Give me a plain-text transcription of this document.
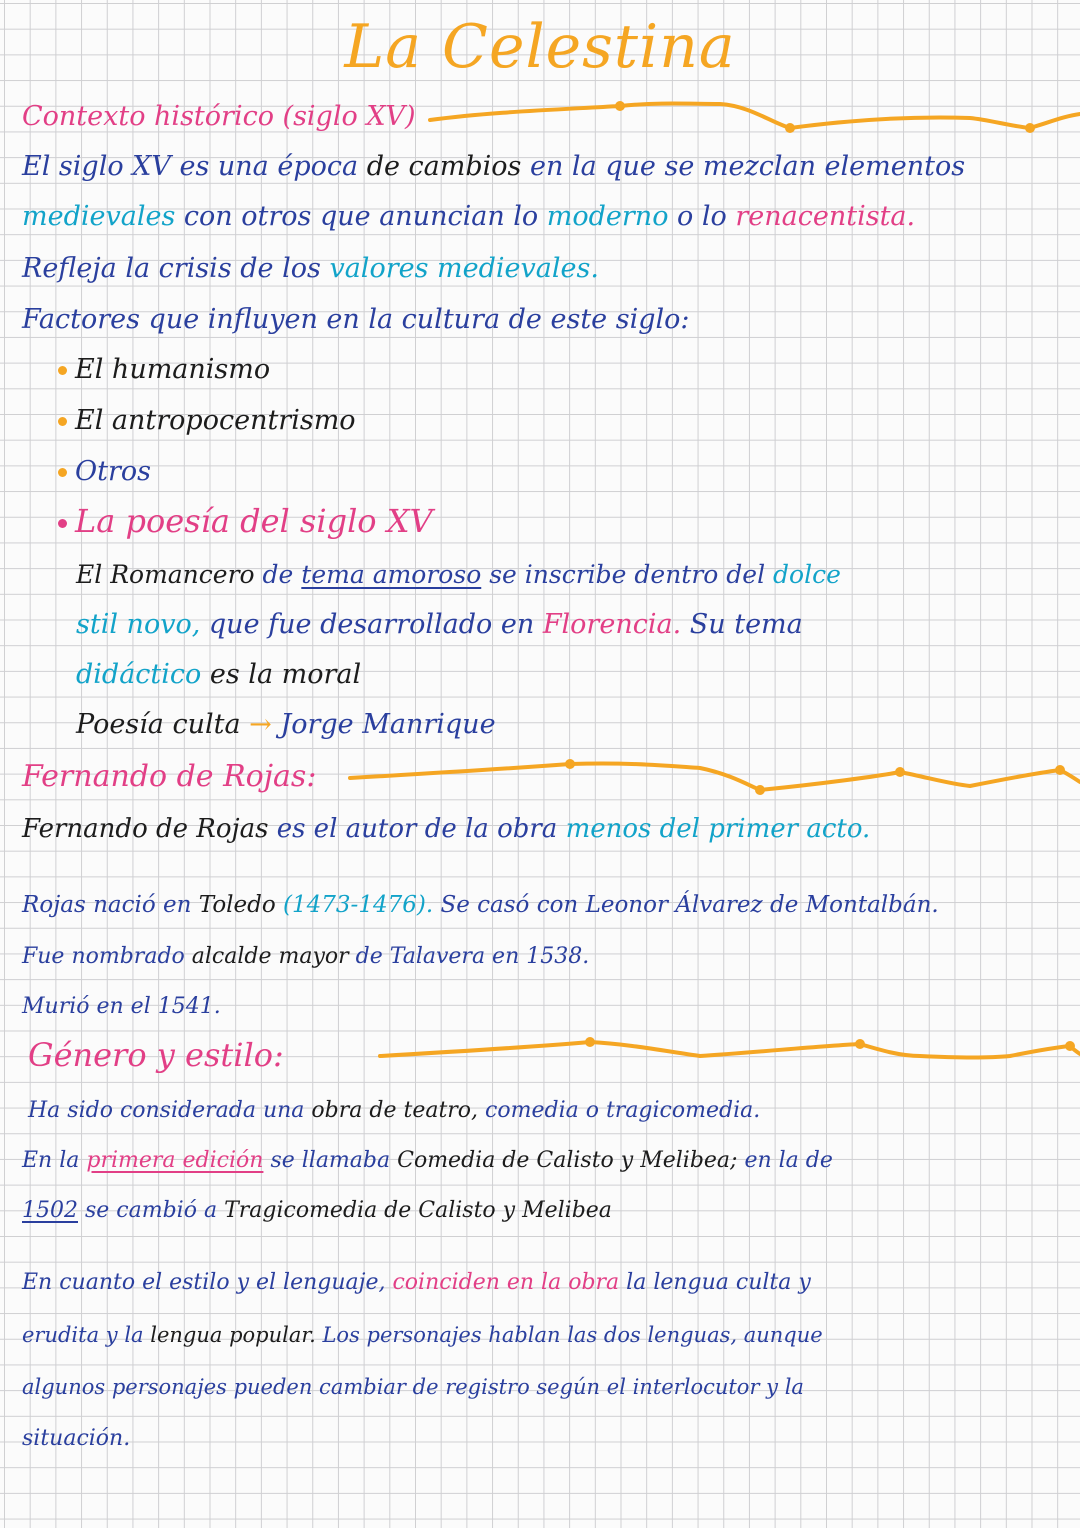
La Celestina
Contexto histórico (siglo XV)
El siglo XV es una época de cambios en la que se mezclan elementos
medievales con otros que anuncian lo moderno o lo renacentista.
Refleja la crisis de los valores medievales.
Factores que influyen en la cultura de este siglo:
El humanismo
El antropocentrismo
Otros
La poesía del siglo XV
El Romancero de tema amoroso se inscribe dentro del dolce
stil novo, que fue desarrollado en Florencia. Su tema
didáctico es la moral
Poesía culta → Jorge Manrique
Fernando de Rojas:
Fernando de Rojas es el autor de la obra menos del primer acto.
Rojas nació en Toledo (1473-1476). Se casó con Leonor Álvarez de Montalbán.
Fue nombrado alcalde mayor de Talavera en 1538.
Murió en el 1541.
Género y estilo:
Ha sido considerada una obra de teatro, comedia o tragicomedia.
En la primera edición se llamaba Comedia de Calisto y Melibea; en la de
1502 se cambió a Tragicomedia de Calisto y Melibea
En cuanto el estilo y el lenguaje, coinciden en la obra la lengua culta y
erudita y la lengua popular. Los personajes hablan las dos lenguas, aunque
algunos personajes pueden cambiar de registro según el interlocutor y la
situación.
